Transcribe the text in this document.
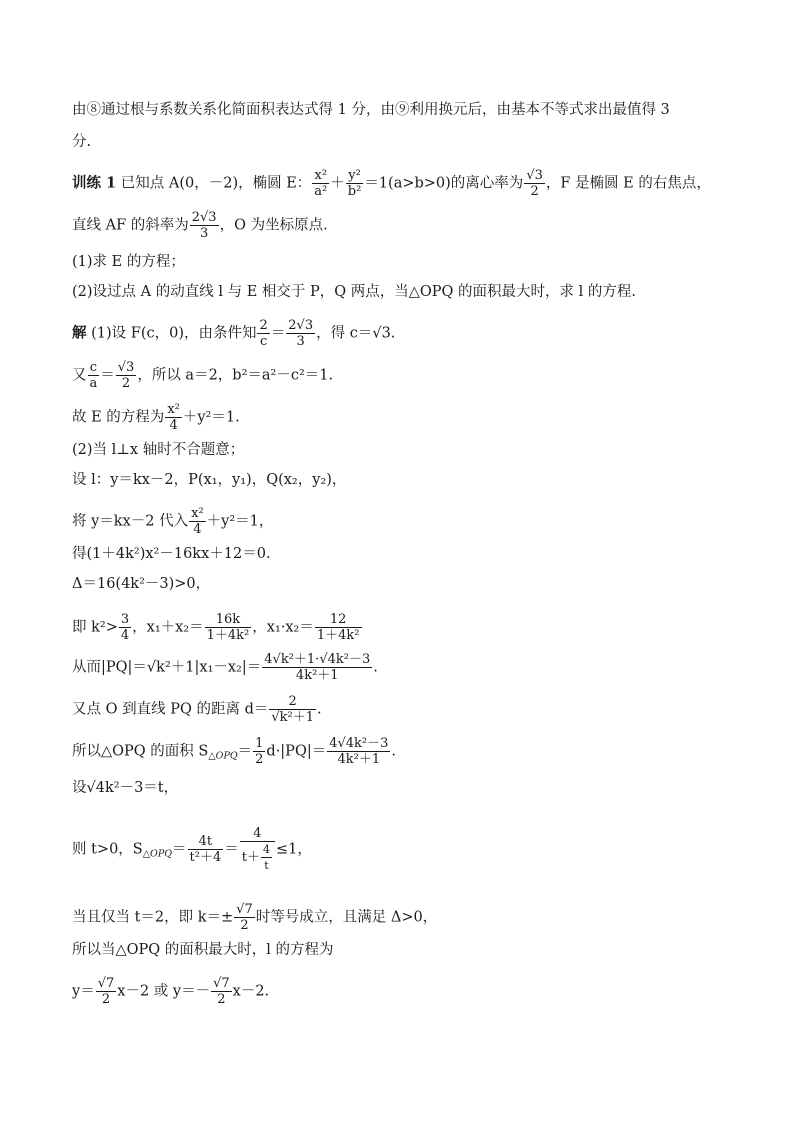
由⑧通过根与系数关系化简面积表达式得 1 分，由⑨利用换元后，由基本不等式求出最值得 3
分.
训练 1 已知点 A(0，－2)，椭圆 E： $\frac{\text{x²}}{\text{a²}} + \frac{\text{y²}}{\text{b²}} =1(a>b>0)$的离心率为 $\frac{√3}{2}$ ，F 是椭圆 E 的右焦点，
直线 AF 的斜率为 $\frac{2√3}{3}$ ，O 为坐标原点.
(1)求 E 的方程；
(2)设过点 A 的动直线 l 与 E 相交于 P，Q 两点，当△OPQ 的面积最大时，求 l 的方程.
解 (1)设 F(c，0)，由条件知 $\frac{2}{c} = \frac{2√3}{3}$ ，得 c＝√3.
又 $\frac{c}{a} = \frac{√3}{2}$ ，所以 a＝2，b²＝a²－c²＝1.
故 E 的方程为 $\frac{\text{x²}}{4} +y^2=1$.
(2)当 l⊥x 轴时不合题意；
设 l：y＝kx－2，P(x₁，y₁)，Q(x₂，y₂)，
将 y＝kx－2 代入 $\frac{\text{x²}}{4} +y^2=1$，
得(1＋4k²)x²－16kx＋12＝0.
Δ＝16(4k²－3)>0，
即 $k^2> \frac{3}{4}$ ，$x_1+x_2= \frac{16k}{\text{1＋4k²}}$ ，$x_1\cdot x_2= \frac{12}{\text{1＋4k²}}$
从而$|PQ|=√k^2+1|x_1-x_2|= \frac{\text{4√k²＋1·√4k²－3}}{\text{4k²＋1}}$ .
又点 O 到直线 PQ 的距离 $d= \frac{2}{\text{√k²＋1}}$ .
所以△OPQ 的面积 $S_{\triangle OPQ}= \frac{1}{2} d\cdot|PQ|= \frac{\text{4√4k²－3}}{\text{4k²＋1}}$ .
设√4k²－3＝t，
则 t>0，$S_{\triangle OPQ}= \frac{4t}{\text{t²＋4}} = \frac{4}{t+ \frac{4}{t}} \le 1$，
当且仅当 t＝2，即 $k=\pm \frac{√7}{2}$ 时等号成立，且满足 Δ>0，
所以当△OPQ 的面积最大时，l 的方程为
$y= \frac{√7}{2} x-2$ 或 $y=- \frac{√7}{2} x-2$.
